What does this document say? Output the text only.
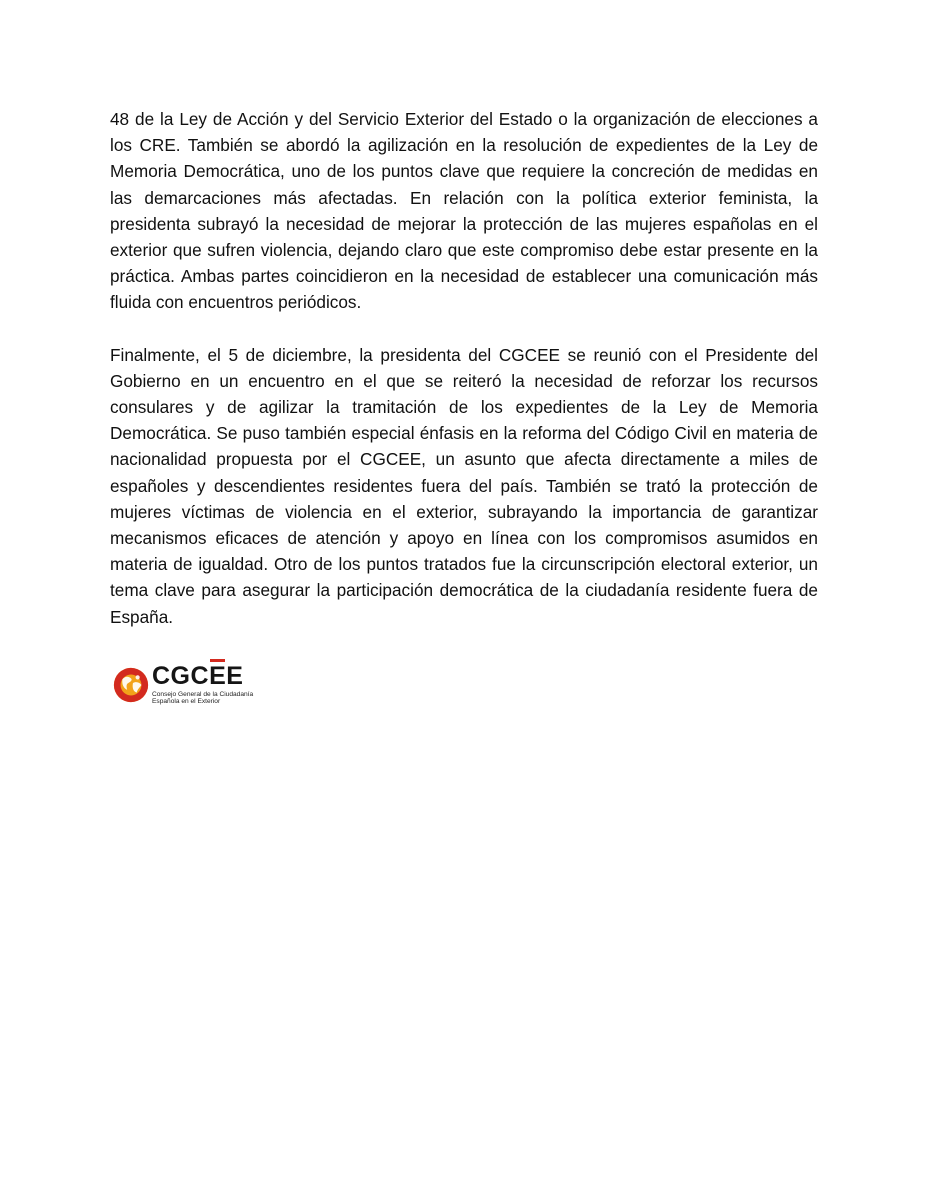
48 de la Ley de Acción y del Servicio Exterior del Estado o la organización de elecciones a los CRE. También se abordó la agilización en la resolución de expedientes de la Ley de Memoria Democrática, uno de los puntos clave que requiere la concreción de medidas en las demarcaciones más afectadas. En relación con la política exterior feminista, la presidenta subrayó la necesidad de mejorar la protección de las mujeres españolas en el exterior que sufren violencia, dejando claro que este compromiso debe estar presente en la práctica. Ambas partes coincidieron en la necesidad de establecer una comunicación más fluida con encuentros periódicos.

Finalmente, el 5 de diciembre, la presidenta del CGCEE se reunió con el Presidente del Gobierno en un encuentro en el que se reiteró la necesidad de reforzar los recursos consulares y de agilizar la tramitación de los expedientes de la Ley de Memoria Democrática. Se puso también especial énfasis en la reforma del Código Civil en materia de nacionalidad propuesta por el CGCEE, un asunto que afecta directamente a miles de españoles y descendientes residentes fuera del país. También se trató la protección de mujeres víctimas de violencia en el exterior, subrayando la importancia de garantizar mecanismos eficaces de atención y apoyo en línea con los compromisos asumidos en materia de igualdad. Otro de los puntos tratados fue la circunscripción electoral exterior, un tema clave para asegurar la participación democrática de la ciudadanía residente fuera de España.

CGCEE
Consejo General de la Ciudadanía
Española en el Exterior
